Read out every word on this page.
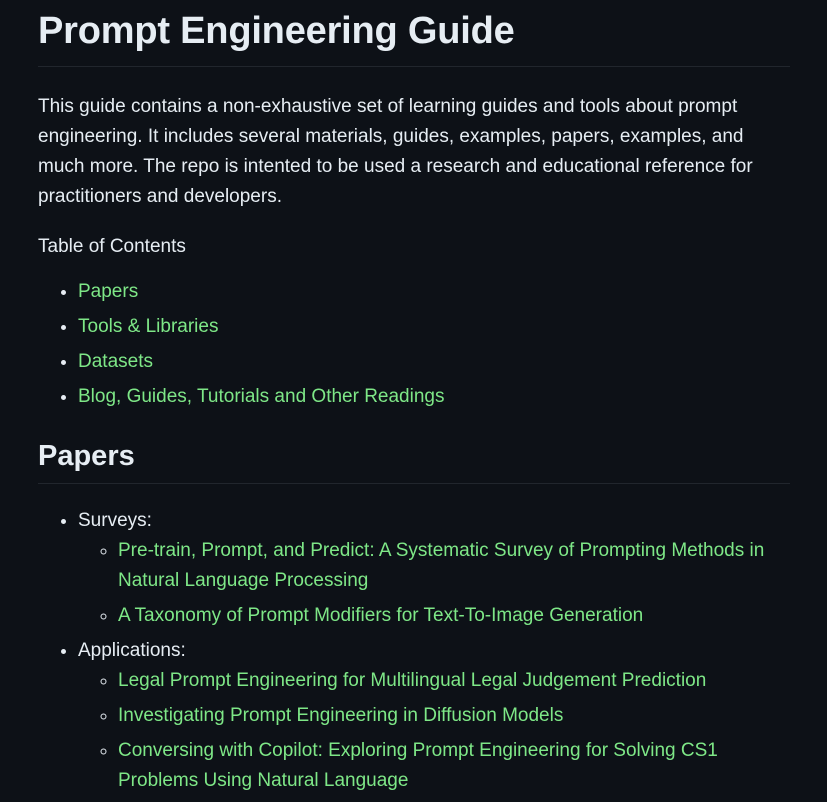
Prompt Engineering Guide

This guide contains a non-exhaustive set of learning guides and tools about prompt engineering. It includes several materials, guides, examples, papers, examples, and much more. The repo is intented to be used a research and educational reference for practitioners and developers.

Table of Contents

• Papers
• Tools & Libraries
• Datasets
• Blog, Guides, Tutorials and Other Readings
Papers
• Surveys:
◦ Pre-train, Prompt, and Predict: A Systematic Survey of Prompting Methods in Natural Language Processing
◦ A Taxonomy of Prompt Modifiers for Text-To-Image Generation
• Applications:
◦ Legal Prompt Engineering for Multilingual Legal Judgement Prediction
◦ Investigating Prompt Engineering in Diffusion Models
◦ Conversing with Copilot: Exploring Prompt Engineering for Solving CS1 Problems Using Natural Language
